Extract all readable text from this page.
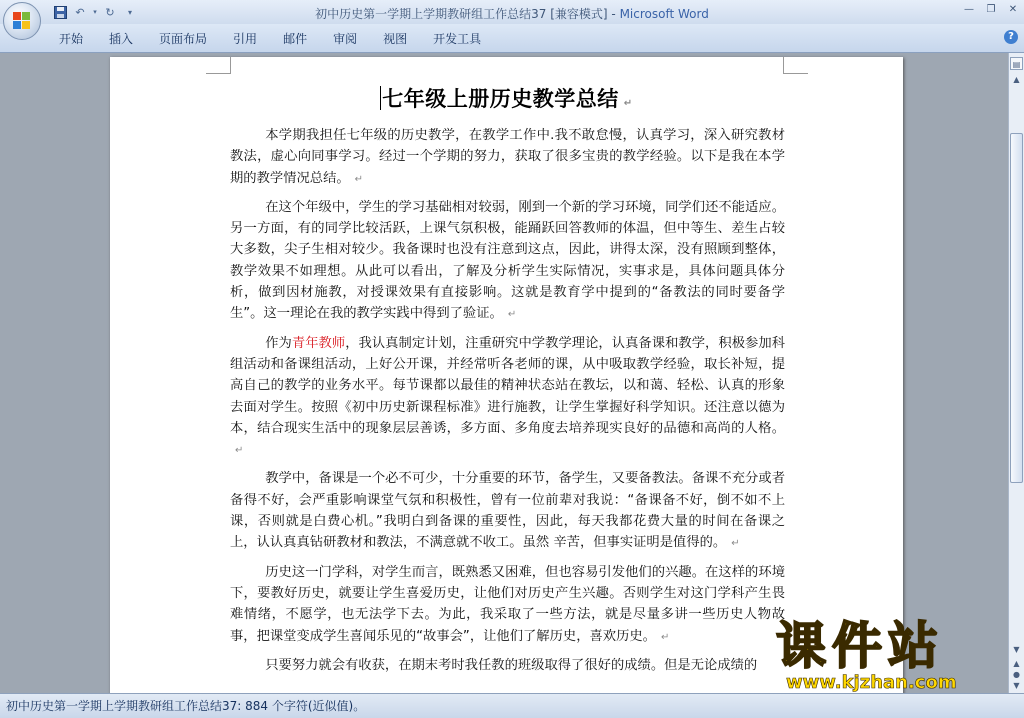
↶	▾ ↻	▾	初中历史第一学期上学期教研组工作总结37 [兼容模式] - Microsoft Word	—	❐	✕
开始	插入	页面布局	引用	邮件	审阅	视图	开发工具	?
七年级上册历史教学总结 ↵

本学期我担任七年级的历史教学，在教学工作中.我不敢怠慢，认真学习，深入研究教材教法，虚心向同事学习。经过一个学期的努力，获取了很多宝贵的教学经验。以下是我在本学期的教学情况总结。 ↵

在这个年级中，学生的学习基础相对较弱，刚到一个新的学习环境，同学们还不能适应。另一方面，有的同学比较活跃，上课气氛积极，能踊跃回答教师的体温，但中等生、差生占较大多数，尖子生相对较少。我备课时也没有注意到这点，因此，讲得太深，没有照顾到整体，教学效果不如理想。从此可以看出，了解及分析学生实际情况，实事求是，具体问题具体分析，做到因材施教，对授课效果有直接影响。这就是教育学中提到的“备教法的同时要备学生”。这一理论在我的教学实践中得到了验证。 ↵

作为青年教师，我认真制定计划，注重研究中学教学理论，认真备课和教学，积极参加科组活动和备课组活动，上好公开课，并经常听各老师的课，从中吸取教学经验，取长补短，提高自己的教学的业务水平。每节课都以最佳的精神状态站在教坛，以和蔼、轻松、认真的形象去面对学生。按照《初中历史新课程标准》进行施教，让学生掌握好科学知识。还注意以德为本，结合现实生活中的现象层层善诱，多方面、多角度去培养现实良好的品德和高尚的人格。↵

教学中，备课是一个必不可少，十分重要的环节，备学生，又要备教法。备课不充分或者备得不好，会严重影响课堂气氛和积极性，曾有一位前辈对我说：“备课备不好，倒不如不上课，否则就是白费心机。”我明白到备课的重要性，因此，每天我都花费大量的时间在备课之上，认认真真钻研教材和教法，不满意就不收工。虽然 辛苦，但事实证明是值得的。 ↵

历史这一门学科，对学生而言，既熟悉又困难，但也容易引发他们的兴趣。在这样的环境下，要教好历史，就要让学生喜爱历史，让他们对历史产生兴趣。否则学生对这门学科产生畏难情绪，不愿学，也无法学下去。为此，我采取了一些方法，就是尽量多讲一些历史人物故事，把课堂变成学生喜闻乐见的“故事会”，让他们了解历史，喜欢历史。 ↵

只要努力就会有收获，在期末考时我任教的班级取得了很好的成绩。但是无论成绩的

▤
▲
▼
▲
●
▼
初中历史第一学期上学期教研组工作总结37: 884 个字符(近似值)。
课件站
www.kjzhan.com
